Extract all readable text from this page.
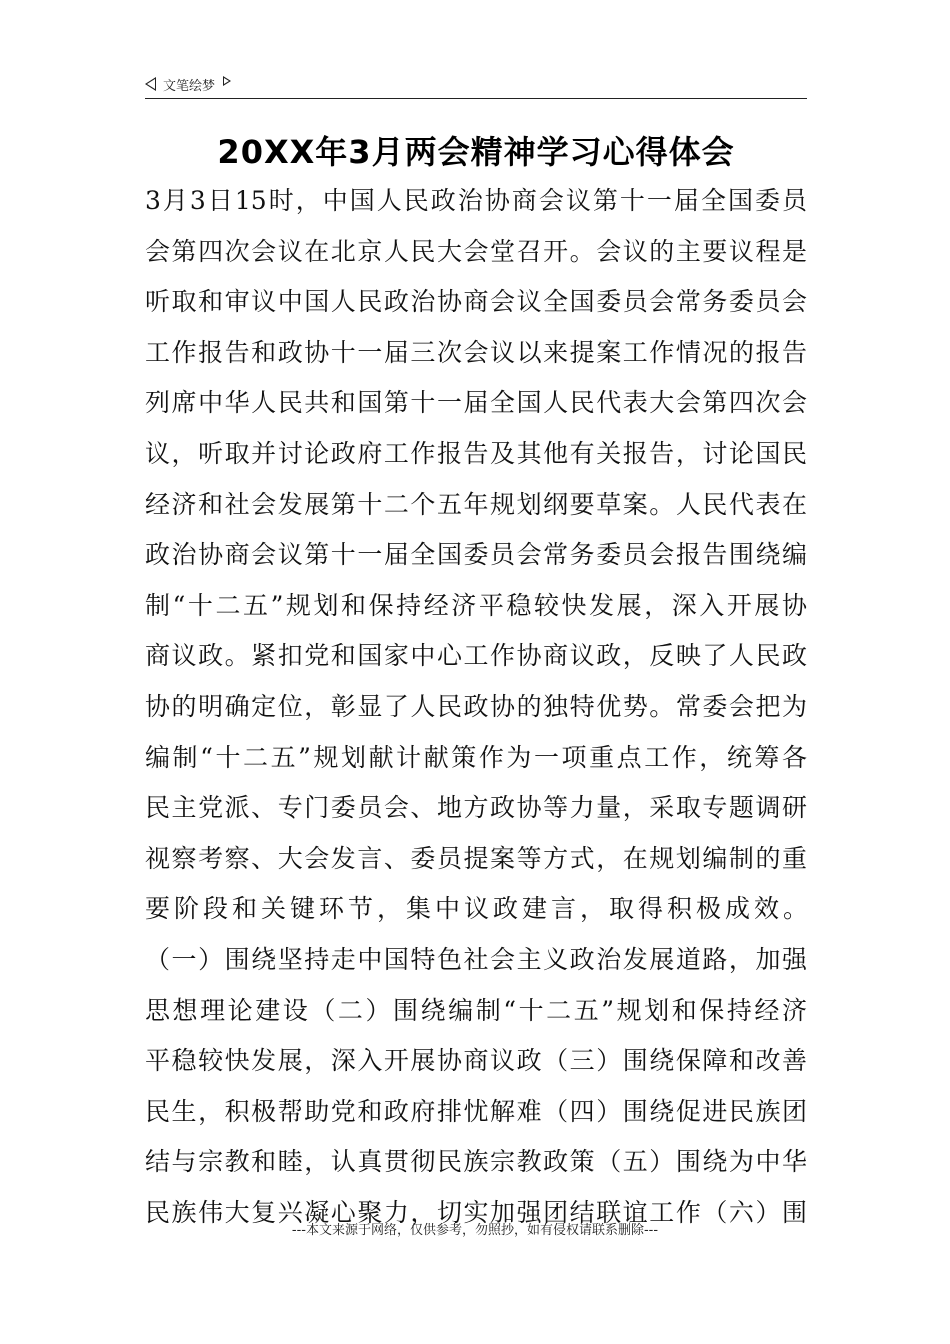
文笔绘梦
20XX年3月两会精神学习心得体会
3月3日15时，中国人民政治协商会议第十一届全国委员
会第四次会议在北京人民大会堂召开。会议的主要议程是
听取和审议中国人民政治协商会议全国委员会常务委员会
工作报告和政协十一届三次会议以来提案工作情况的报告
列席中华人民共和国第十一届全国人民代表大会第四次会
议，听取并讨论政府工作报告及其他有关报告，讨论国民
经济和社会发展第十二个五年规划纲要草案。人民代表在
政治协商会议第十一届全国委员会常务委员会报告围绕编
制“十二五”规划和保持经济平稳较快发展，深入开展协
商议政。紧扣党和国家中心工作协商议政，反映了人民政
协的明确定位，彰显了人民政协的独特优势。常委会把为
编制“十二五”规划献计献策作为一项重点工作，统筹各
民主党派、专门委员会、地方政协等力量，采取专题调研
视察考察、大会发言、委员提案等方式，在规划编制的重
要阶段和关键环节，集中议政建言，取得积极成效。
（一）围绕坚持走中国特色社会主义政治发展道路，加强
思想理论建设（二）围绕编制“十二五”规划和保持经济
平稳较快发展，深入开展协商议政（三）围绕保障和改善
民生，积极帮助党和政府排忧解难（四）围绕促进民族团
结与宗教和睦，认真贯彻民族宗教政策（五）围绕为中华
民族伟大复兴凝心聚力，切实加强团结联谊工作（六）围
---本文来源于网络，仅供参考，勿照抄，如有侵权请联系删除---
